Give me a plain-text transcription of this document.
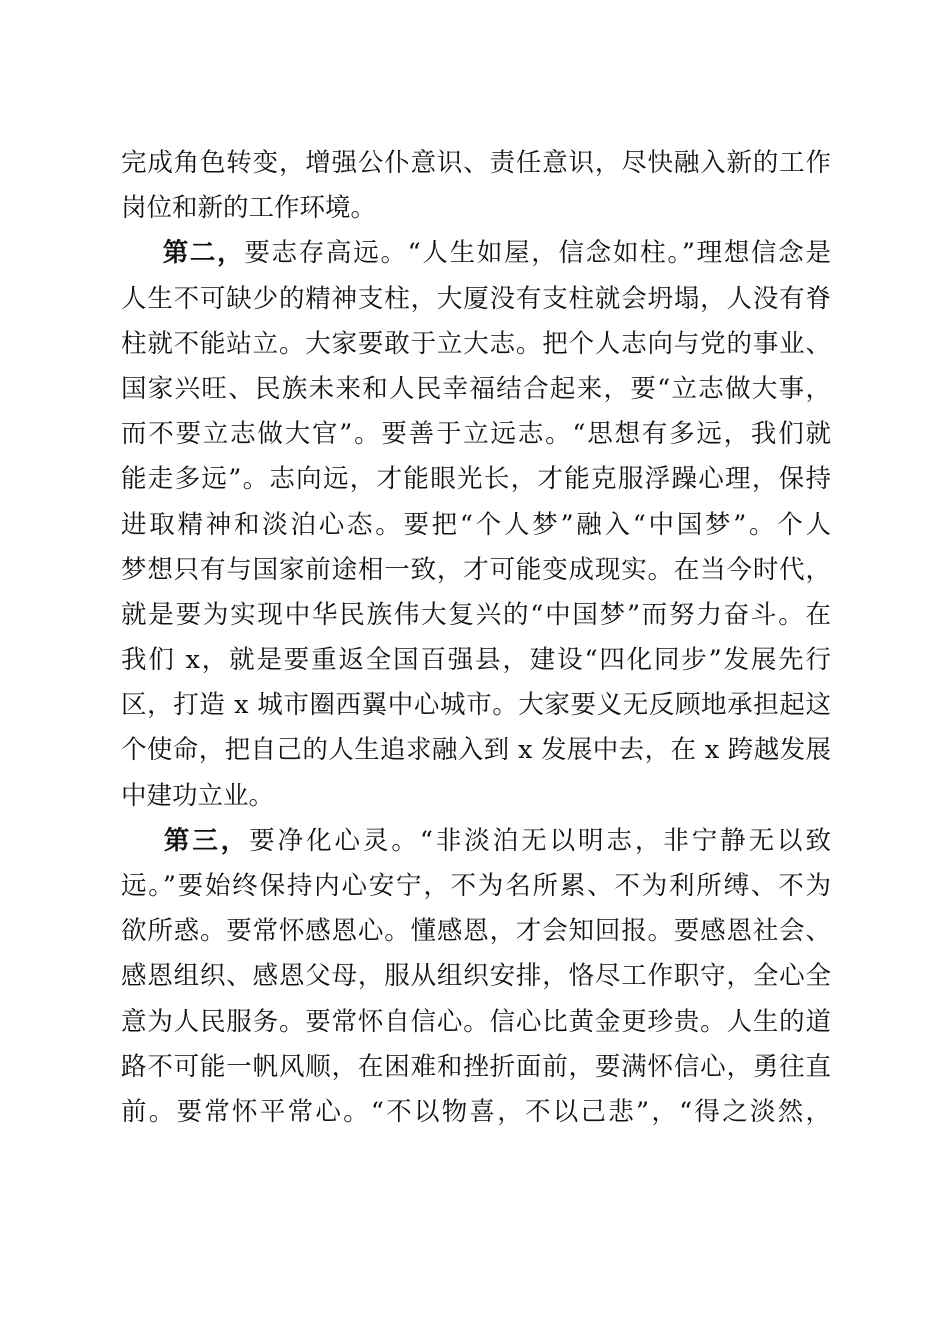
完成角色转变，增强公仆意识、责任意识，尽快融入新的工作
岗位和新的工作环境。
第二，要志存高远。“人生如屋，信念如柱。”理想信念是
人生不可缺少的精神支柱，大厦没有支柱就会坍塌，人没有脊
柱就不能站立。大家要敢于立大志。把个人志向与党的事业、
国家兴旺、民族未来和人民幸福结合起来，要“立志做大事，
而不要立志做大官”。要善于立远志。“思想有多远，我们就
能走多远”。志向远，才能眼光长，才能克服浮躁心理，保持
进取精神和淡泊心态。要把“个人梦”融入“中国梦”。个人
梦想只有与国家前途相一致，才可能变成现实。在当今时代，
就是要为实现中华民族伟大复兴的“中国梦”而努力奋斗。在
我们 x，就是要重返全国百强县，建设“四化同步”发展先行
区，打造 x 城市圈西翼中心城市。大家要义无反顾地承担起这
个使命，把自己的人生追求融入到 x 发展中去，在 x 跨越发展
中建功立业。
第三，要净化心灵。“非淡泊无以明志，非宁静无以致
远。”要始终保持内心安宁，不为名所累、不为利所缚、不为
欲所惑。要常怀感恩心。懂感恩，才会知回报。要感恩社会、
感恩组织、感恩父母，服从组织安排，恪尽工作职守，全心全
意为人民服务。要常怀自信心。信心比黄金更珍贵。人生的道
路不可能一帆风顺，在困难和挫折面前，要满怀信心，勇往直
前。要常怀平常心。“不以物喜，不以己悲”，“得之淡然，
